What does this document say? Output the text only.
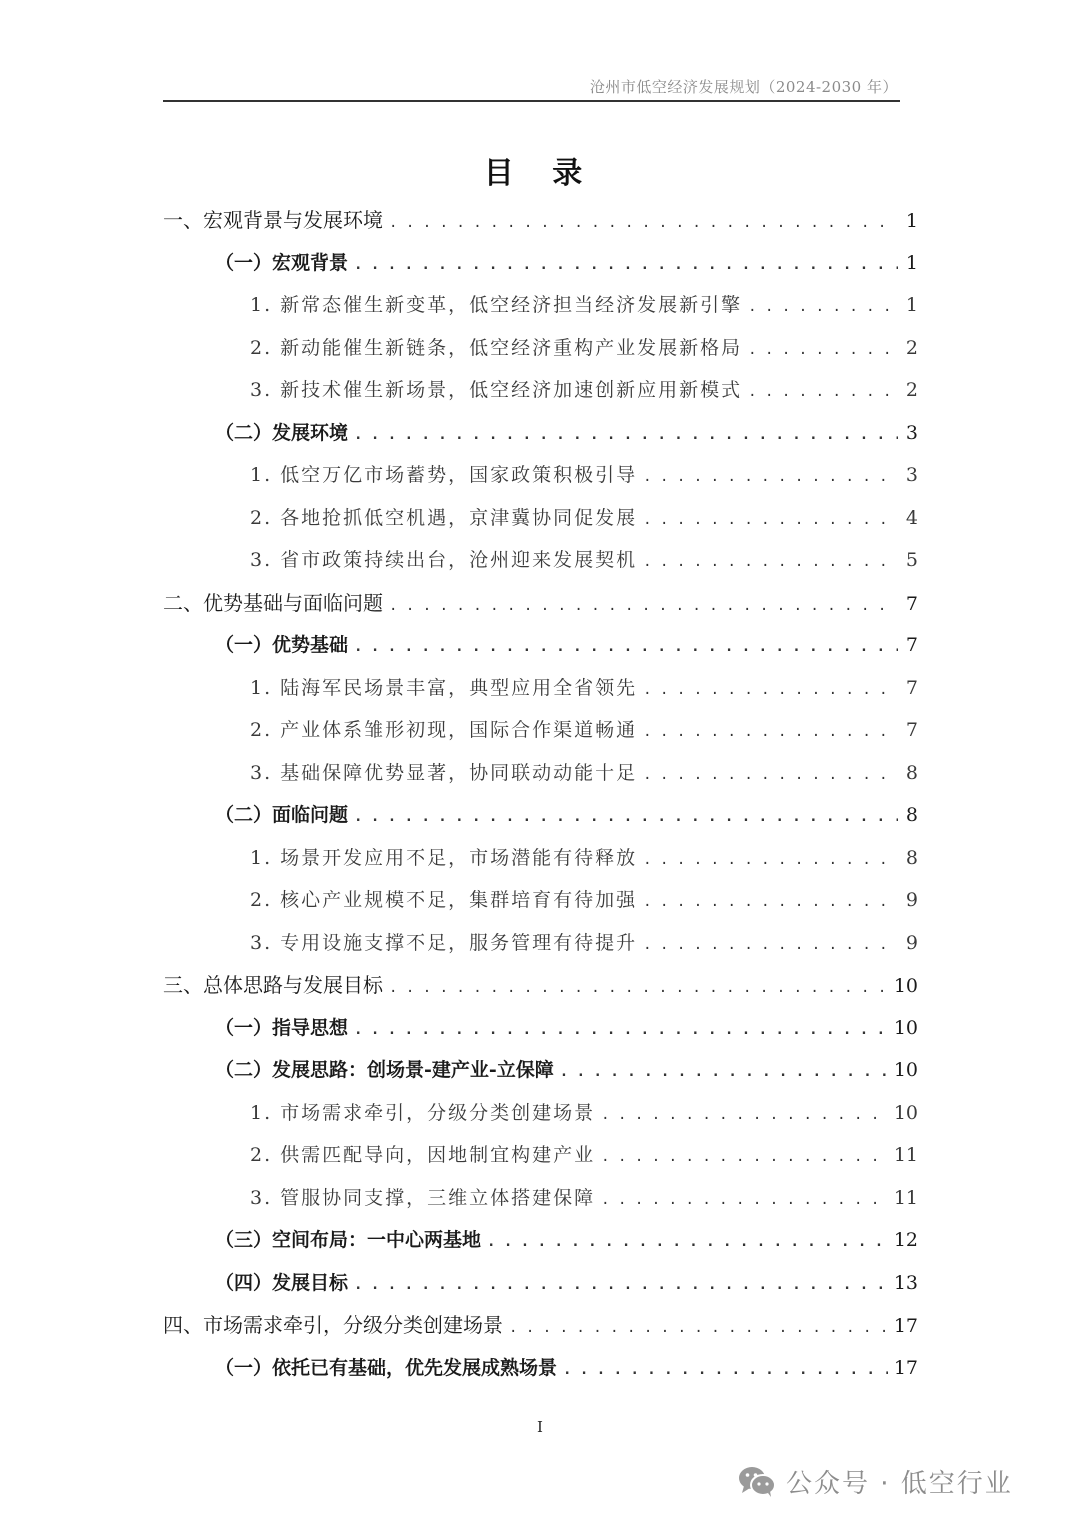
沧州市低空经济发展规划（2024-2030 年）
目 录
一、宏观背景与发展环境 . . .	1
（一）宏观背景 . . .	1
1. 新常态催生新变革，低空经济担当经济发展新引擎 . . .	1
2. 新动能催生新链条，低空经济重构产业发展新格局 . . .	2
3. 新技术催生新场景，低空经济加速创新应用新模式 . . .	2
（二）发展环境 . . .	3
1. 低空万亿市场蓄势，国家政策积极引导 . . .	3
2. 各地抢抓低空机遇，京津冀协同促发展 . . .	4
3. 省市政策持续出台，沧州迎来发展契机 . . .	5
二、优势基础与面临问题 . . .	7
（一）优势基础 . . .	7
1. 陆海军民场景丰富，典型应用全省领先 . . .	7
2. 产业体系雏形初现，国际合作渠道畅通 . . .	7
3. 基础保障优势显著，协同联动动能十足 . . .	8
（二）面临问题 . . .	8
1. 场景开发应用不足，市场潜能有待释放 . . .	8
2. 核心产业规模不足，集群培育有待加强 . . .	9
3. 专用设施支撑不足，服务管理有待提升 . . .	9
三、总体思路与发展目标 . . .	10
（一）指导思想 . . .	10
（二）发展思路：创场景-建产业-立保障 . . .	10
1. 市场需求牵引，分级分类创建场景 . . .	10
2. 供需匹配导向，因地制宜构建产业 . . .	11
3. 管服协同支撑，三维立体搭建保障 . . .	11
（三）空间布局：一中心两基地 . . .	12
（四）发展目标 . . .	13
四、市场需求牵引，分级分类创建场景 . . .	17
（一）依托已有基础，优先发展成熟场景 . . .	17
I
公众号 · 低空行业
